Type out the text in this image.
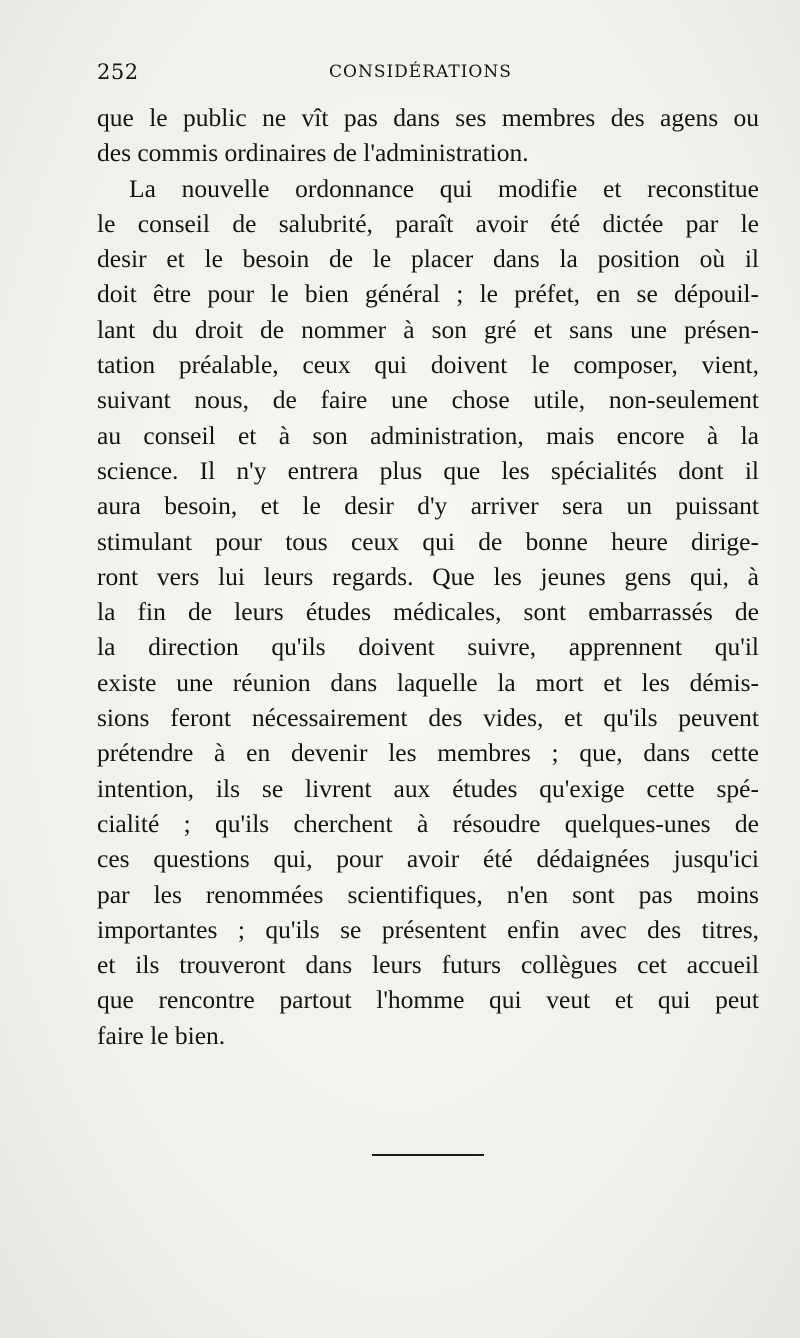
252	CONSIDÉRATIONS
que le public ne vît pas dans ses membres des agens ou
des commis ordinaires de l'administration.
La nouvelle ordonnance qui modifie et reconstitue
le conseil de salubrité, paraît avoir été dictée par le
desir et le besoin de le placer dans la position où il
doit être pour le bien général ; le préfet, en se dépouil-
lant du droit de nommer à son gré et sans une présen-
tation préalable, ceux qui doivent le composer, vient,
suivant nous, de faire une chose utile, non-seulement
au conseil et à son administration, mais encore à la
science. Il n'y entrera plus que les spécialités dont il
aura besoin, et le desir d'y arriver sera un puissant
stimulant pour tous ceux qui de bonne heure dirige-
ront vers lui leurs regards. Que les jeunes gens qui, à
la fin de leurs études médicales, sont embarrassés de
la direction qu'ils doivent suivre, apprennent qu'il
existe une réunion dans laquelle la mort et les démis-
sions feront nécessairement des vides, et qu'ils peuvent
prétendre à en devenir les membres ; que, dans cette
intention, ils se livrent aux études qu'exige cette spé-
cialité ; qu'ils cherchent à résoudre quelques-unes de
ces questions qui, pour avoir été dédaignées jusqu'ici
par les renommées scientifiques, n'en sont pas moins
importantes ; qu'ils se présentent enfin avec des titres,
et ils trouveront dans leurs futurs collègues cet accueil
que rencontre partout l'homme qui veut et qui peut
faire le bien.
